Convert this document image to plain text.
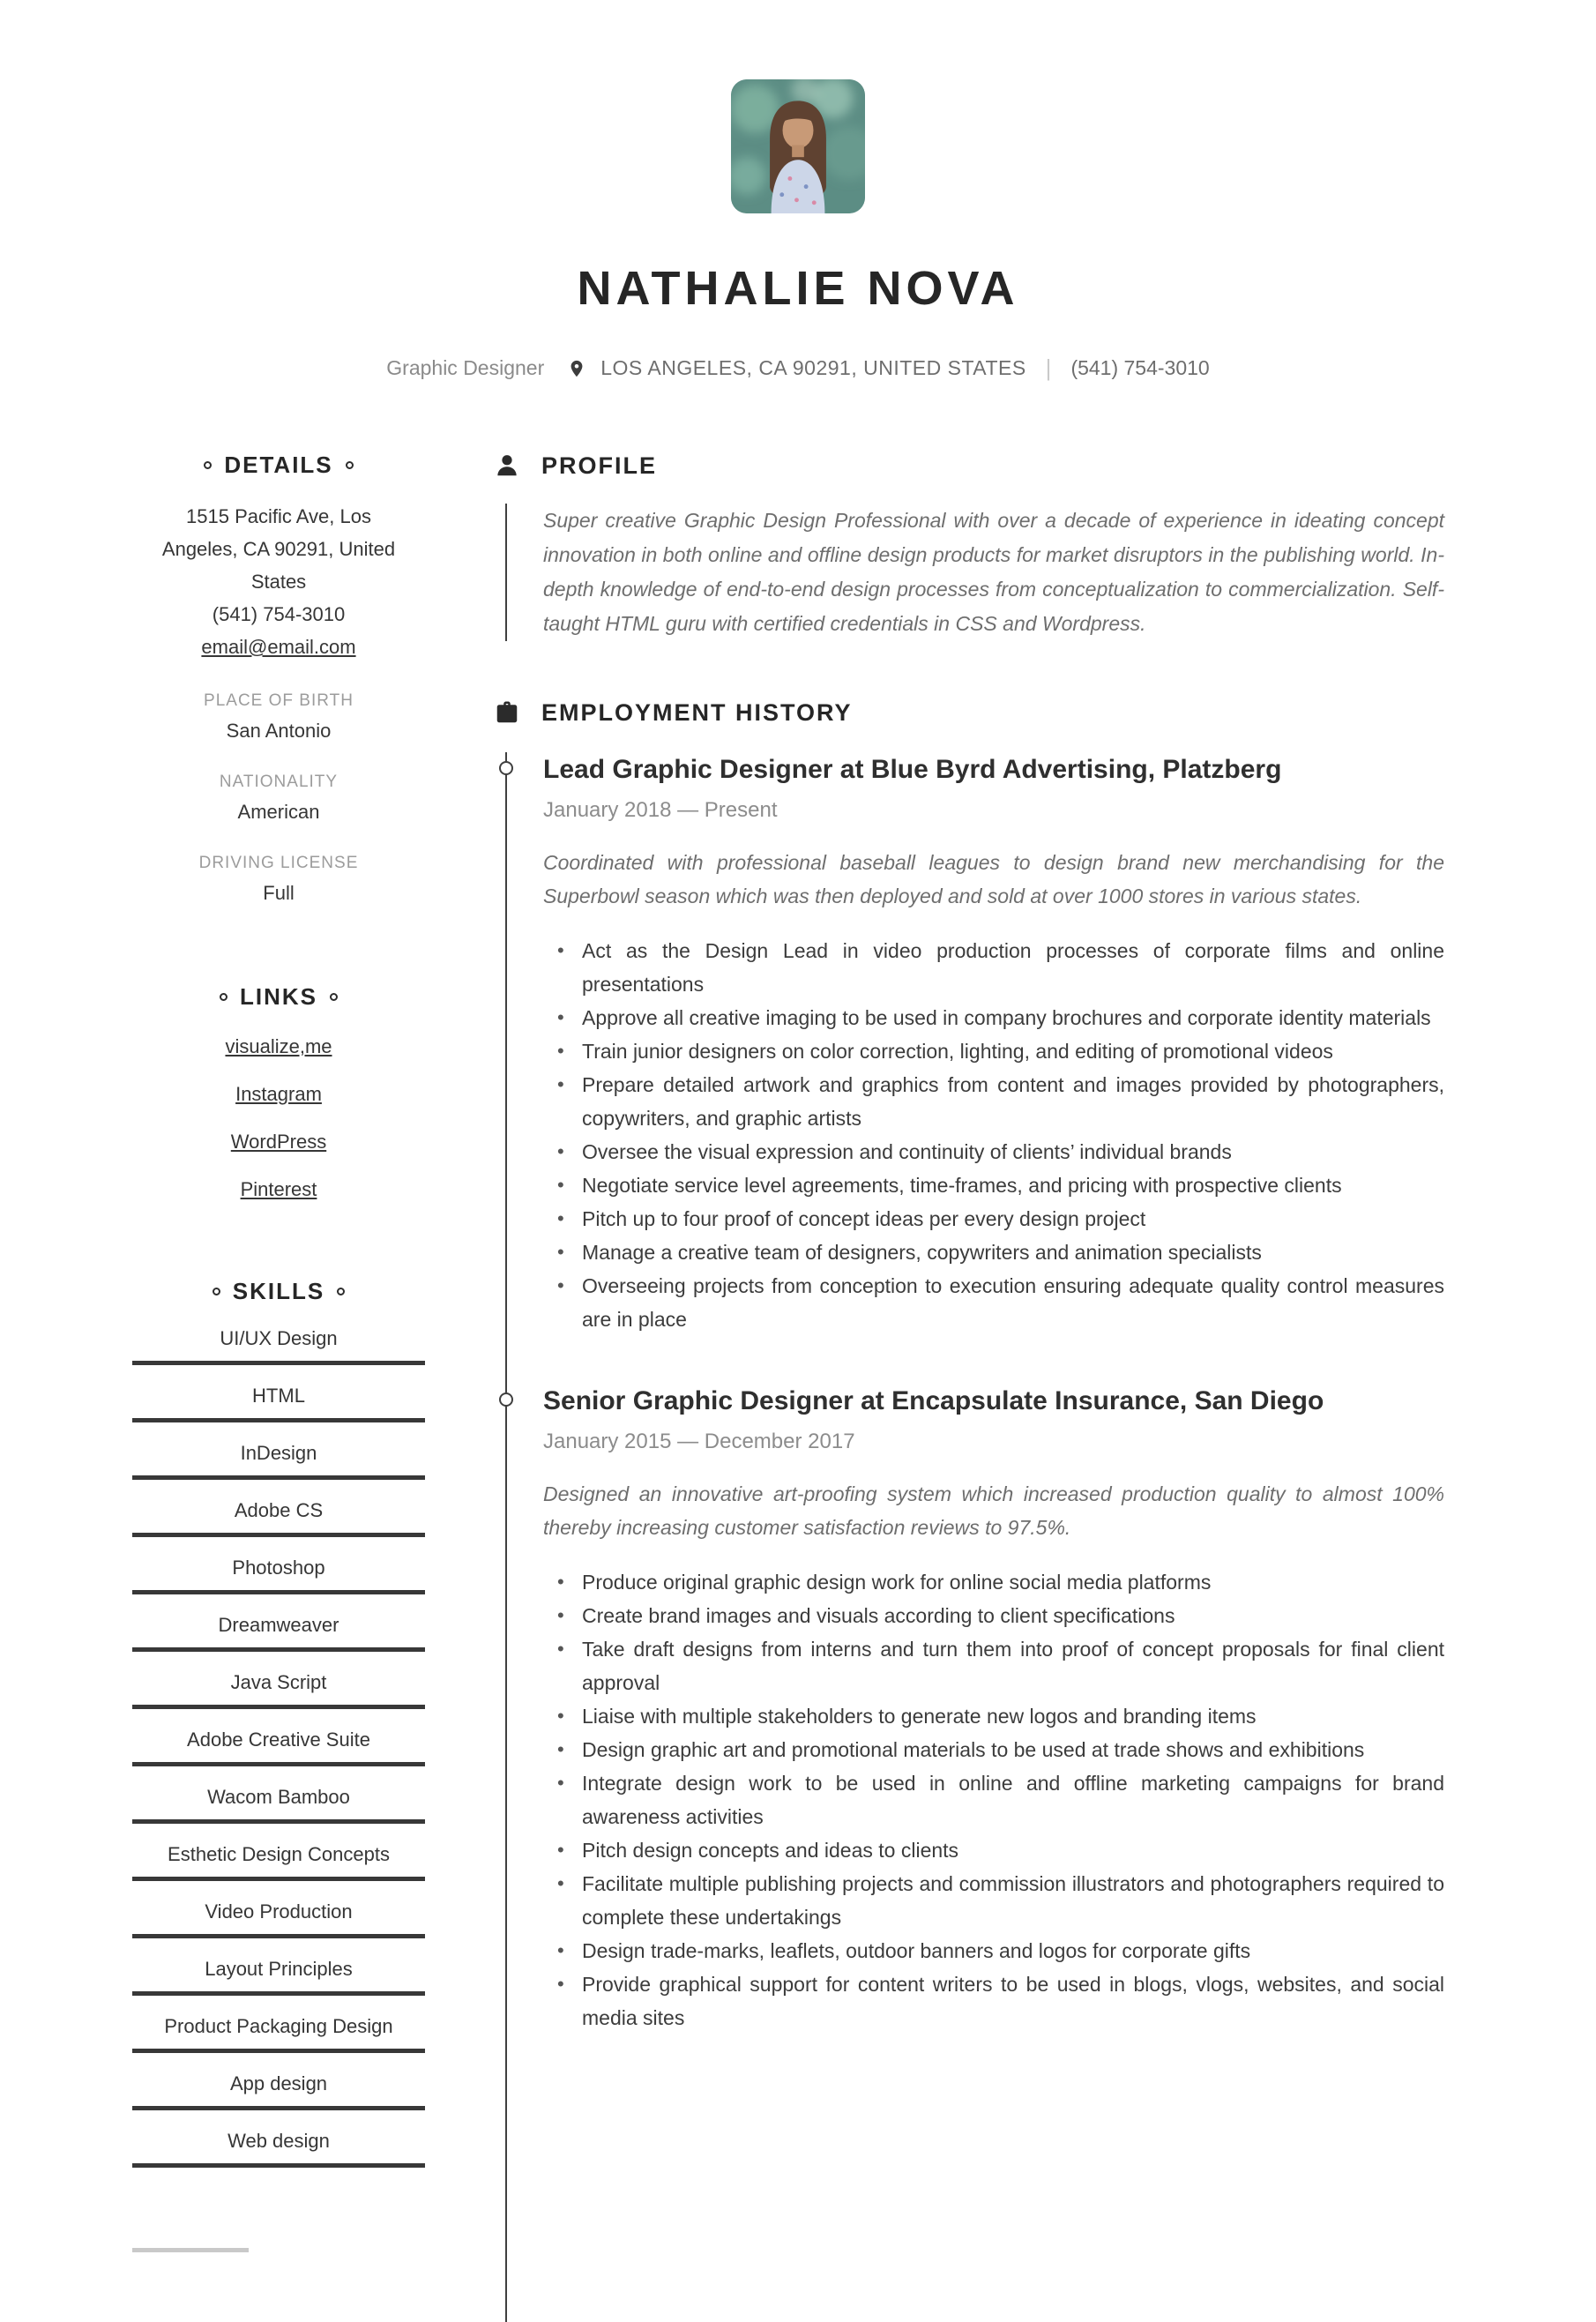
NATHALIE NOVA
Graphic Designer	LOS ANGELES, CA 90291, UNITED STATES | (541) 754-3010
DETAILS
1515 Pacific Ave, Los Angeles, CA 90291, United States
(541) 754-3010
email@email.com
PLACE OF BIRTH
San Antonio
NATIONALITY
American
DRIVING LICENSE
Full
LINKS
visualize,me
Instagram
WordPress
Pinterest
SKILLS
UI/UX Design
HTML
InDesign
Adobe CS
Photoshop
Dreamweaver
Java Script
Adobe Creative Suite
Wacom Bamboo
Esthetic Design Concepts
Video Production
Layout Principles
Product Packaging Design
App design
Web design
PROFILE

Super creative Graphic Design Professional with over a decade of experience in ideating concept innovation in both online and offline design products for market disruptors in the publishing world. In-depth knowledge of end-to-end design processes from conceptualization to commercialization. Self-taught HTML guru with certified credentials in CSS and Wordpress.

EMPLOYMENT HISTORY
Lead Graphic Designer at Blue Byrd Advertising, Platzberg
January 2018 — Present

Coordinated with professional baseball leagues to design brand new merchandising for the Superbowl season which was then deployed and sold at over 1000 stores in various states.

• Act as the Design Lead in video production processes of corporate films and online presentations
• Approve all creative imaging to be used in company brochures and corporate identity materials
• Train junior designers on color correction, lighting, and editing of promotional videos
• Prepare detailed artwork and graphics from content and images provided by photographers, copywriters, and graphic artists
• Oversee the visual expression and continuity of clients’ individual brands
• Negotiate service level agreements, time-frames, and pricing with prospective clients
• Pitch up to four proof of concept ideas per every design project
• Manage a creative team of designers, copywriters and animation specialists
• Overseeing projects from conception to execution ensuring adequate quality control measures are in place
Senior Graphic Designer at Encapsulate Insurance, San Diego
January 2015 — December 2017

Designed an innovative art-proofing system which increased production quality to almost 100% thereby increasing customer satisfaction reviews to 97.5%.

• Produce original graphic design work for online social media platforms
• Create brand images and visuals according to client specifications
• Take draft designs from interns and turn them into proof of concept proposals for final client approval
• Liaise with multiple stakeholders to generate new logos and branding items
• Design graphic art and promotional materials to be used at trade shows and exhibitions
• Integrate design work to be used in online and offline marketing campaigns for brand awareness activities
• Pitch design concepts and ideas to clients
• Facilitate multiple publishing projects and commission illustrators and photographers required to complete these undertakings
• Design trade-marks, leaflets, outdoor banners and logos for corporate gifts
• Provide graphical support for content writers to be used in blogs, vlogs, websites, and social media sites
